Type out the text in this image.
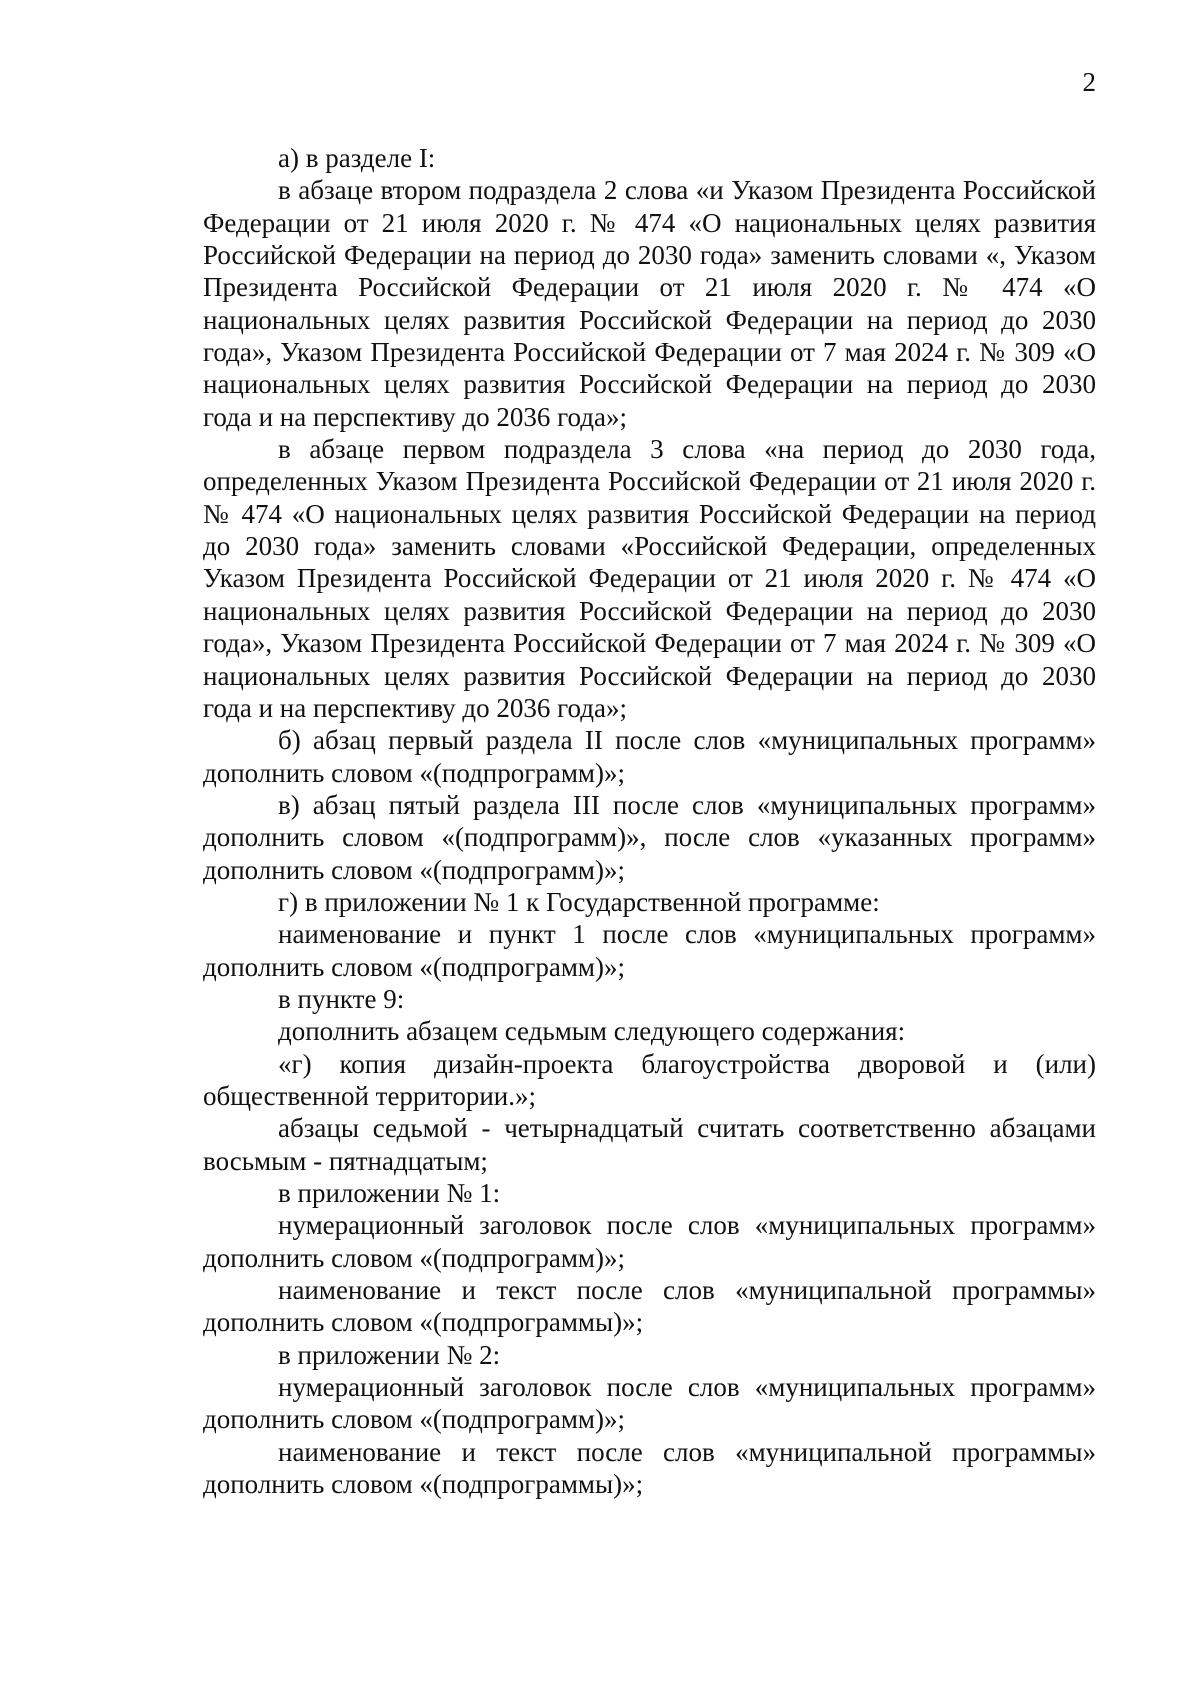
2

а) в разделе I:

в абзаце втором подраздела 2 слова «и Указом Президента Российской Федерации от 21 июля 2020 г. № 474 «О национальных целях развития Российской Федерации на период до 2030 года» заменить словами «, Указом Президента Российской Федерации от 21 июля 2020 г. № 474 «О национальных целях развития Российской Федерации на период до 2030 года», Указом Президента Российской Федерации от 7 мая 2024 г. № 309 «О национальных целях развития Российской Федерации на период до 2030 года и на перспективу до 2036 года»;

в абзаце первом подраздела 3 слова «на период до 2030 года, определенных Указом Президента Российской Федерации от 21 июля 2020 г. № 474 «О национальных целях развития Российской Федерации на период до 2030 года» заменить словами «Российской Федерации, определенных Указом Президента Российской Федерации от 21 июля 2020 г. № 474 «О национальных целях развития Российской Федерации на период до 2030 года», Указом Президента Российской Федерации от 7 мая 2024 г. № 309 «О национальных целях развития Российской Федерации на период до 2030 года и на перспективу до 2036 года»;

б) абзац первый раздела II после слов «муниципальных программ» дополнить словом «(подпрограмм)»;

в) абзац пятый раздела III после слов «муниципальных программ» дополнить словом «(подпрограмм)», после слов «указанных программ» дополнить словом «(подпрограмм)»;

г) в приложении № 1 к Государственной программе:

наименование и пункт 1 после слов «муниципальных программ» дополнить словом «(подпрограмм)»;

в пункте 9:

дополнить абзацем седьмым следующего содержания:

«г) копия дизайн-проекта благоустройства дворовой и (или) общественной территории.»;

абзацы седьмой - четырнадцатый считать соответственно абзацами восьмым - пятнадцатым;

в приложении № 1:

нумерационный заголовок после слов «муниципальных программ» дополнить словом «(подпрограмм)»;

наименование и текст после слов «муниципальной программы» дополнить словом «(подпрограммы)»;

в приложении № 2:

нумерационный заголовок после слов «муниципальных программ» дополнить словом «(подпрограмм)»;

наименование и текст после слов «муниципальной программы» дополнить словом «(подпрограммы)»;
